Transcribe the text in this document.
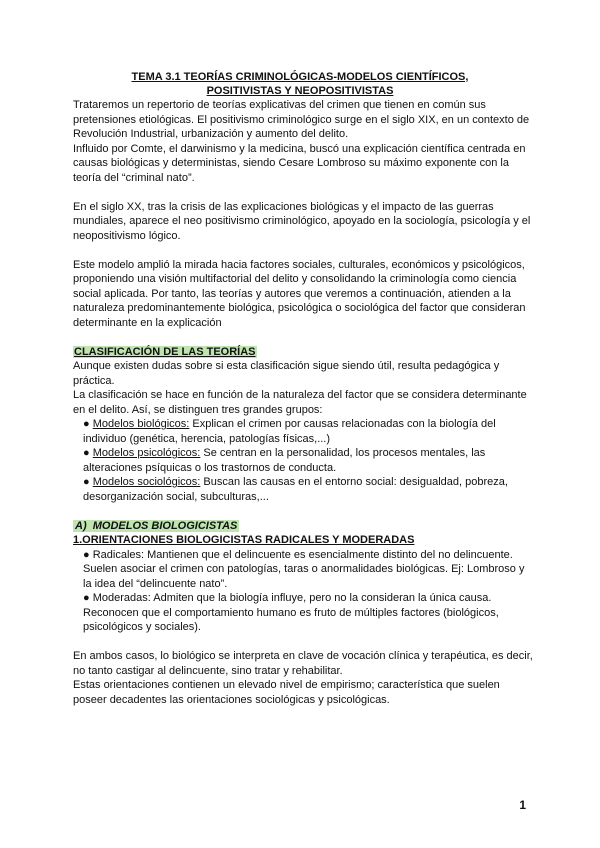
TEMA 3.1 TEORÍAS CRIMINOLÓGICAS-MODELOS CIENTÍFICOS,
POSITIVISTAS Y NEOPOSITIVISTAS

Trataremos un repertorio de teorías explicativas del crimen que tienen en común sus pretensiones etiológicas. El positivismo criminológico surge en el siglo XIX, en un contexto de Revolución Industrial, urbanización y aumento del delito.

Influido por Comte, el darwinismo y la medicina, buscó una explicación científica centrada en causas biológicas y deterministas, siendo Cesare Lombroso su máximo exponente con la teoría del “criminal nato”.

En el siglo XX, tras la crisis de las explicaciones biológicas y el impacto de las guerras mundiales, aparece el neo positivismo criminológico, apoyado en la sociología, psicología y el neopositivismo lógico.

Este modelo amplió la mirada hacia factores sociales, culturales, económicos y psicológicos, proponiendo una visión multifactorial del delito y consolidando la criminología como ciencia social aplicada. Por tanto, las teorías y autores que veremos a continuación, atienden a la naturaleza predominantemente biológica, psicológica o sociológica del factor que consideran determinante en la explicación

CLASIFICACIÓN DE LAS TEORÍAS

Aunque existen dudas sobre si esta clasificación sigue siendo útil, resulta pedagógica y práctica.

La clasificación se hace en función de la naturaleza del factor que se considera determinante en el delito. Así, se distinguen tres grandes grupos:

● Modelos biológicos: Explican el crimen por causas relacionadas con la biología del individuo (genética, herencia, patologías físicas,...)
● Modelos psicológicos: Se centran en la personalidad, los procesos mentales, las alteraciones psíquicas o los trastornos de conducta.
● Modelos sociológicos: Buscan las causas en el entorno social: desigualdad, pobreza, desorganización social, subculturas,...

A) MODELOS BIOLOGICISTAS

1.ORIENTACIONES BIOLOGICISTAS RADICALES Y MODERADAS

● Radicales: Mantienen que el delincuente es esencialmente distinto del no delincuente. Suelen asociar el crimen con patologías, taras o anormalidades biológicas. Ej: Lombroso y la idea del “delincuente nato”.
● Moderadas: Admiten que la biología influye, pero no la consideran la única causa. Reconocen que el comportamiento humano es fruto de múltiples factores (biológicos, psicológicos y sociales).

En ambos casos, lo biológico se interpreta en clave de vocación clínica y terapéutica, es decir, no tanto castigar al delincuente, sino tratar y rehabilitar.

Estas orientaciones contienen un elevado nivel de empirismo; característica que suelen poseer decadentes las orientaciones sociológicas y psicológicas.

1
